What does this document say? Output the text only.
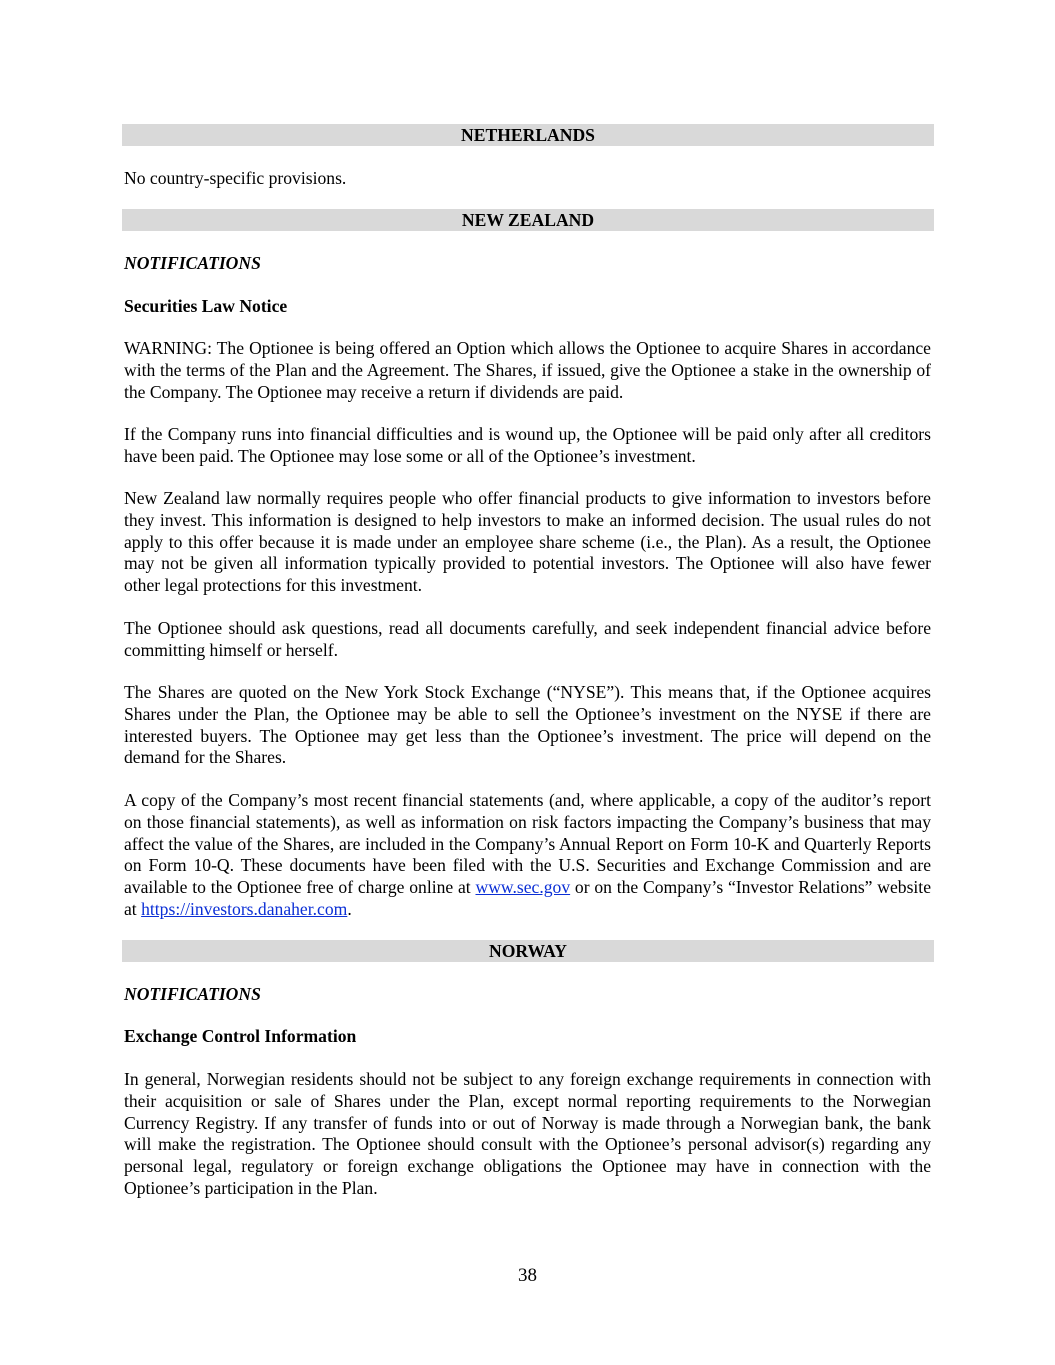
NETHERLANDS

No country-specific provisions.

NEW ZEALAND

NOTIFICATIONS

Securities Law Notice

WARNING: The Optionee is being offered an Option which allows the Optionee to acquire Shares in accordance with the terms of the Plan and the Agreement. The Shares, if issued, give the Optionee a stake in the ownership of the Company. The Optionee may receive a return if dividends are paid.

If the Company runs into financial difficulties and is wound up, the Optionee will be paid only after all creditors have been paid. The Optionee may lose some or all of the Optionee’s investment.

New Zealand law normally requires people who offer financial products to give information to investors before they invest. This information is designed to help investors to make an informed decision. The usual rules do not apply to this offer because it is made under an employee share scheme (i.e., the Plan). As a result, the Optionee may not be given all information typically provided to potential investors. The Optionee will also have fewer other legal protections for this investment.

The Optionee should ask questions, read all documents carefully, and seek independent financial advice before committing himself or herself.

The Shares are quoted on the New York Stock Exchange (“NYSE”). This means that, if the Optionee acquires Shares under the Plan, the Optionee may be able to sell the Optionee’s investment on the NYSE if there are interested buyers. The Optionee may get less than the Optionee’s investment. The price will depend on the demand for the Shares.

A copy of the Company’s most recent financial statements (and, where applicable, a copy of the auditor’s report on those financial statements), as well as information on risk factors impacting the Company’s business that may affect the value of the Shares, are included in the Company’s Annual Report on Form 10-K and Quarterly Reports on Form 10-Q. These documents have been filed with the U.S. Securities and Exchange Commission and are available to the Optionee free of charge online at www.sec.gov or on the Company’s “Investor Relations” website at https://investors.danaher.com.

NORWAY

NOTIFICATIONS

Exchange Control Information

In general, Norwegian residents should not be subject to any foreign exchange requirements in connection with their acquisition or sale of Shares under the Plan, except normal reporting requirements to the Norwegian Currency Registry. If any transfer of funds into or out of Norway is made through a Norwegian bank, the bank will make the registration. The Optionee should consult with the Optionee’s personal advisor(s) regarding any personal legal, regulatory or foreign exchange obligations the Optionee may have in connection with the Optionee’s participation in the Plan.

38
